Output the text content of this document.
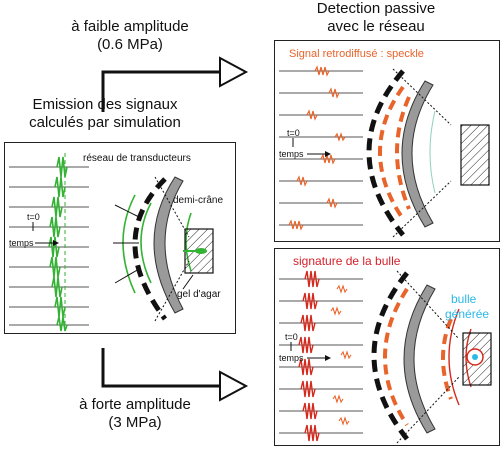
à faible amplitude
(0.6 MPa)
Detection passive
avec le réseau
Emission des signaux
calculés par simulation
t=0
temps
réseau de transducteurs
demi-crâne
gel d'agar
à forte amplitude
(3 MPa)
Signal retrodiffusé : speckle
t=0
temps
signature de la bulle
t=0
temps
bulle
générée
